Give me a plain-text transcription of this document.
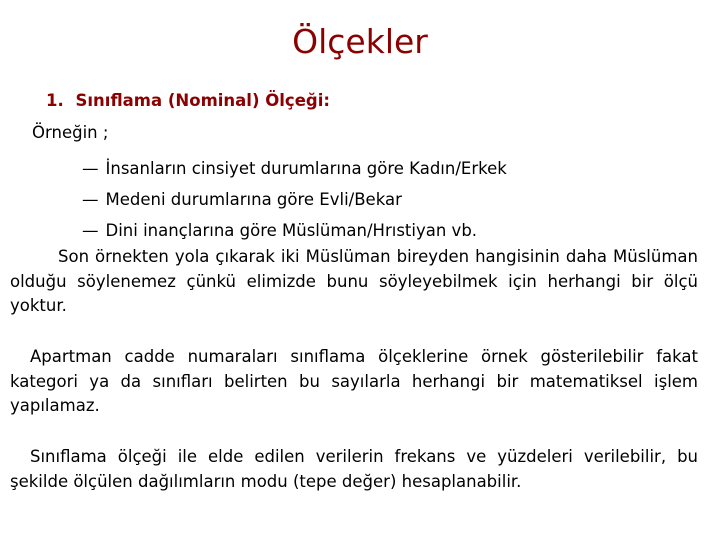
Ölçekler
1. Sınıflama (Nominal) Ölçeği:
Örneğin ;
— İnsanların cinsiyet durumlarına göre Kadın/Erkek
— Medeni durumlarına göre Evli/Bekar
— Dini inançlarına göre Müslüman/Hrıstiyan vb.

Son örnekten yola çıkarak iki Müslüman bireyden hangisinin daha Müslüman olduğu söylenemez çünkü elimizde bunu söyleyebilmek için herhangi bir ölçü yoktur.

Apartman cadde numaraları sınıflama ölçeklerine örnek gösterilebilir fakat kategori ya da sınıfları belirten bu sayılarla herhangi bir matematiksel işlem yapılamaz.

Sınıflama ölçeği ile elde edilen verilerin frekans ve yüzdeleri verilebilir, bu şekilde ölçülen dağılımların modu (tepe değer) hesaplanabilir.
